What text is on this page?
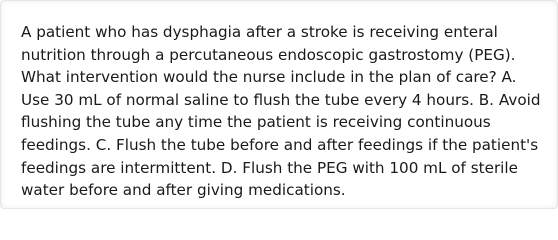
A patient who has dysphagia after a stroke is receiving enteral nutrition through a percutaneous endoscopic gastrostomy (PEG). What intervention would the nurse include in the plan of care? A. Use 30 mL of normal saline to flush the tube every 4 hours. B. Avoid flushing the tube any time the patient is receiving continuous feedings. C. Flush the tube before and after feedings if the patient's feedings are intermittent. D. Flush the PEG with 100 mL of sterile water before and after giving medications.
